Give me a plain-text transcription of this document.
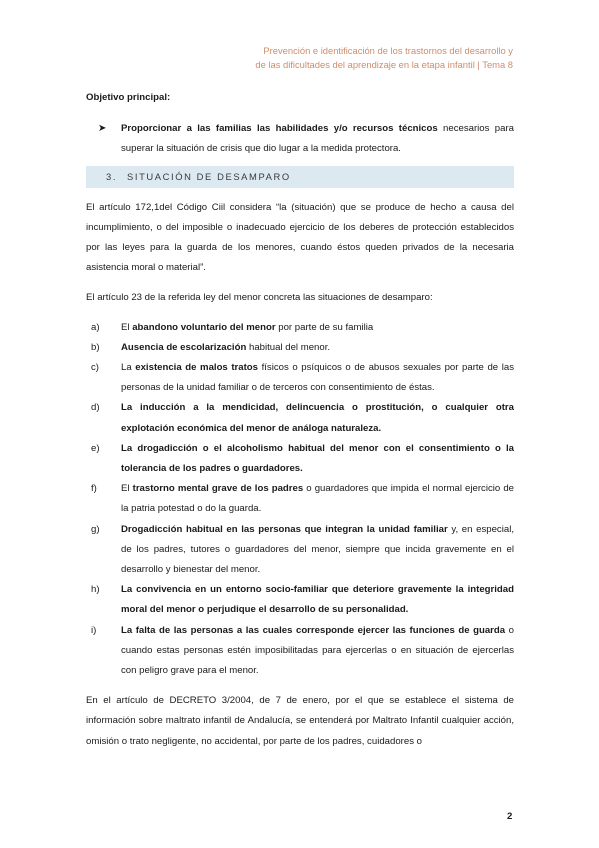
Prevención e identificación de los trastornos del desarrollo y
de las dificultades del aprendizaje en la etapa infantil | Tema 8

Objetivo principal:

➤ Proporcionar a las familias las habilidades y/o recursos técnicos necesarios para superar la situación de crisis que dio lugar a la medida protectora.

3. SITUACIÓN DE DESAMPARO

El artículo 172,1del Código Ciil considera “la (situación) que se produce de hecho a causa del incumplimiento, o del imposible o inadecuado ejercicio de los deberes de protección establecidos por las leyes para la guarda de los menores, cuando éstos queden privados de la necesaria asistencia moral o material”.

El artículo 23 de la referida ley del menor concreta las situaciones de desamparo:

a) El abandono voluntario del menor por parte de su familia
b) Ausencia de escolarización habitual del menor.
c) La existencia de malos tratos físicos o psíquicos o de abusos sexuales por parte de las personas de la unidad familiar o de terceros con consentimiento de éstas.
d) La inducción a la mendicidad, delincuencia o prostitución, o cualquier otra explotación económica del menor de análoga naturaleza.
e) La drogadicción o el alcoholismo habitual del menor con el consentimiento o la tolerancia de los padres o guardadores.
f)	El trastorno mental grave de los padres o guardadores que impida el normal ejercicio de la patria potestad o do la guarda.
g) Drogadicción habitual en las personas que integran la unidad familiar y, en especial, de los padres, tutores o guardadores del menor, siempre que incida gravemente en el desarrollo y bienestar del menor.
h) La convivencia en un entorno socio-familiar que deteriore gravemente la integridad moral del menor o perjudique el desarrollo de su personalidad.
i)	La falta de las personas a las cuales corresponde ejercer las funciones de guarda o cuando estas personas estén imposibilitadas para ejercerlas o en situación de ejercerlas con peligro grave para el menor.

En el artículo de DECRETO 3/2004, de 7 de enero, por el que se establece el sistema de información sobre maltrato infantil de Andalucía, se entenderá por Maltrato Infantil cualquier acción, omisión o trato negligente, no accidental, por parte de los padres, cuidadores o

2
